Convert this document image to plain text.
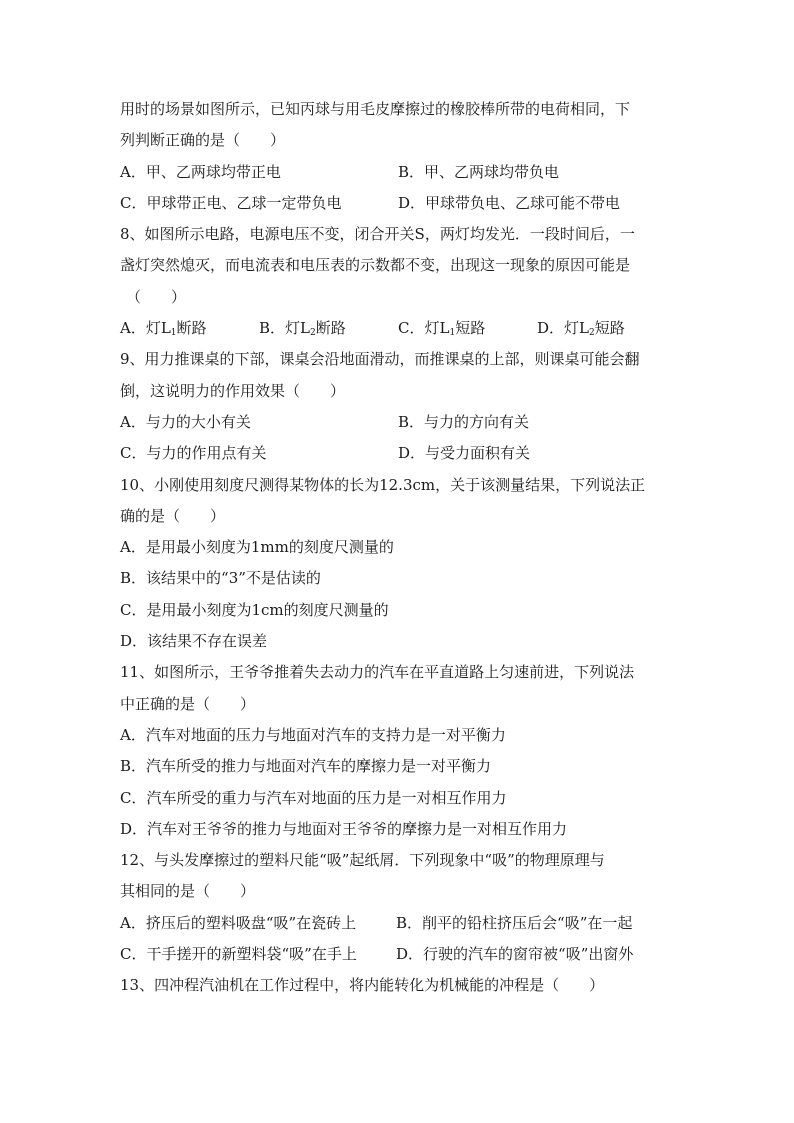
用时的场景如图所示，已知丙球与用毛皮摩擦过的橡胶棒所带的电荷相同，下
列判断正确的是（　　）
A．甲、乙两球均带正电	B．甲、乙两球均带负电
C．甲球带正电、乙球一定带负电	D．甲球带负电、乙球可能不带电
8、如图所示电路，电源电压不变，闭合开关S，两灯均发光．一段时间后，一
盏灯突然熄灭，而电流表和电压表的示数都不变，出现这一现象的原因可能是
（　　）
A．灯$L_1$断路	B．灯$L_2$断路	C．灯$L_1$短路	D．灯$L_2$短路
9、用力推课桌的下部，课桌会沿地面滑动，而推课桌的上部，则课桌可能会翻
倒，这说明力的作用效果（　　）
A．与力的大小有关	B．与力的方向有关
C．与力的作用点有关	D．与受力面积有关
10、小刚使用刻度尺测得某物体的长为12.3cm，关于该测量结果，下列说法正
确的是（　　）
A．是用最小刻度为1mm的刻度尺测量的
B．该结果中的“3”不是估读的
C．是用最小刻度为1cm的刻度尺测量的
D．该结果不存在误差
11、如图所示，王爷爷推着失去动力的汽车在平直道路上匀速前进，下列说法
中正确的是（　　）
A．汽车对地面的压力与地面对汽车的支持力是一对平衡力
B．汽车所受的推力与地面对汽车的摩擦力是一对平衡力
C．汽车所受的重力与汽车对地面的压力是一对相互作用力
D．汽车对王爷爷的推力与地面对王爷爷的摩擦力是一对相互作用力
12、与头发摩擦过的塑料尺能“吸”起纸屑．下列现象中“吸”的物理原理与
其相同的是（　　）
A．挤压后的塑料吸盘“吸”在瓷砖上	B．削平的铅柱挤压后会“吸”在一起
C．干手搓开的新塑料袋“吸”在手上	D．行驶的汽车的窗帘被“吸”出窗外
13、四冲程汽油机在工作过程中，将内能转化为机械能的冲程是（　　）
